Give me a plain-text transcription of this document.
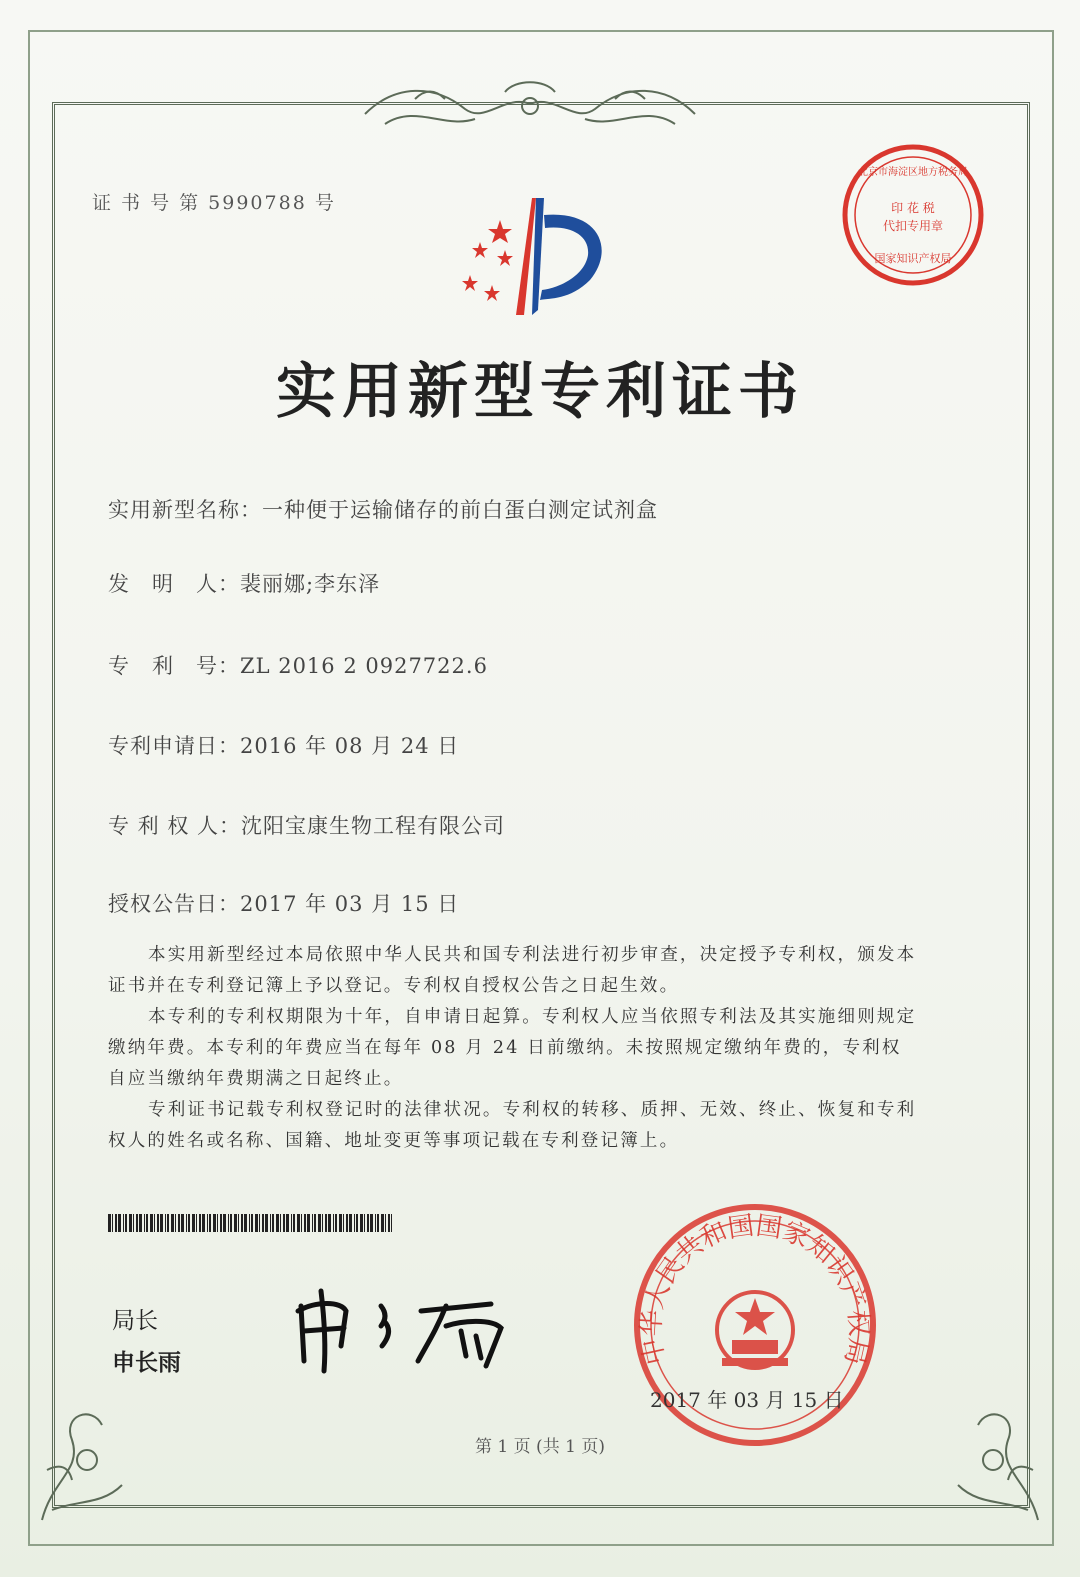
证 书 号 第 5990788 号	印 花 税
代扣专用章
国家知识产权局
北京市海淀区地方税务局
实用新型专利证书
实用新型名称：一种便于运输储存的前白蛋白测定试剂盒
发　明　人：裴丽娜;李东泽
专　利　号：ZL 2016 2 0927722.6
专利申请日：2016 年 08 月 24 日
专 利 权 人：沈阳宝康生物工程有限公司
授权公告日：2017 年 03 月 15 日

本实用新型经过本局依照中华人民共和国专利法进行初步审查，决定授予专利权，颁发本证书并在专利登记簿上予以登记。专利权自授权公告之日起生效。

本专利的专利权期限为十年，自申请日起算。专利权人应当依照专利法及其实施细则规定缴纳年费。本专利的年费应当在每年 08 月 24 日前缴纳。未按照规定缴纳年费的，专利权自应当缴纳年费期满之日起终止。

专利证书记载专利权登记时的法律状况。专利权的转移、质押、无效、终止、恢复和专利权人的姓名或名称、国籍、地址变更等事项记载在专利登记簿上。

局长
申长雨	中华人民共和国国家知识产权局
2017 年 03 月 15 日
第 1 页 (共 1 页)
